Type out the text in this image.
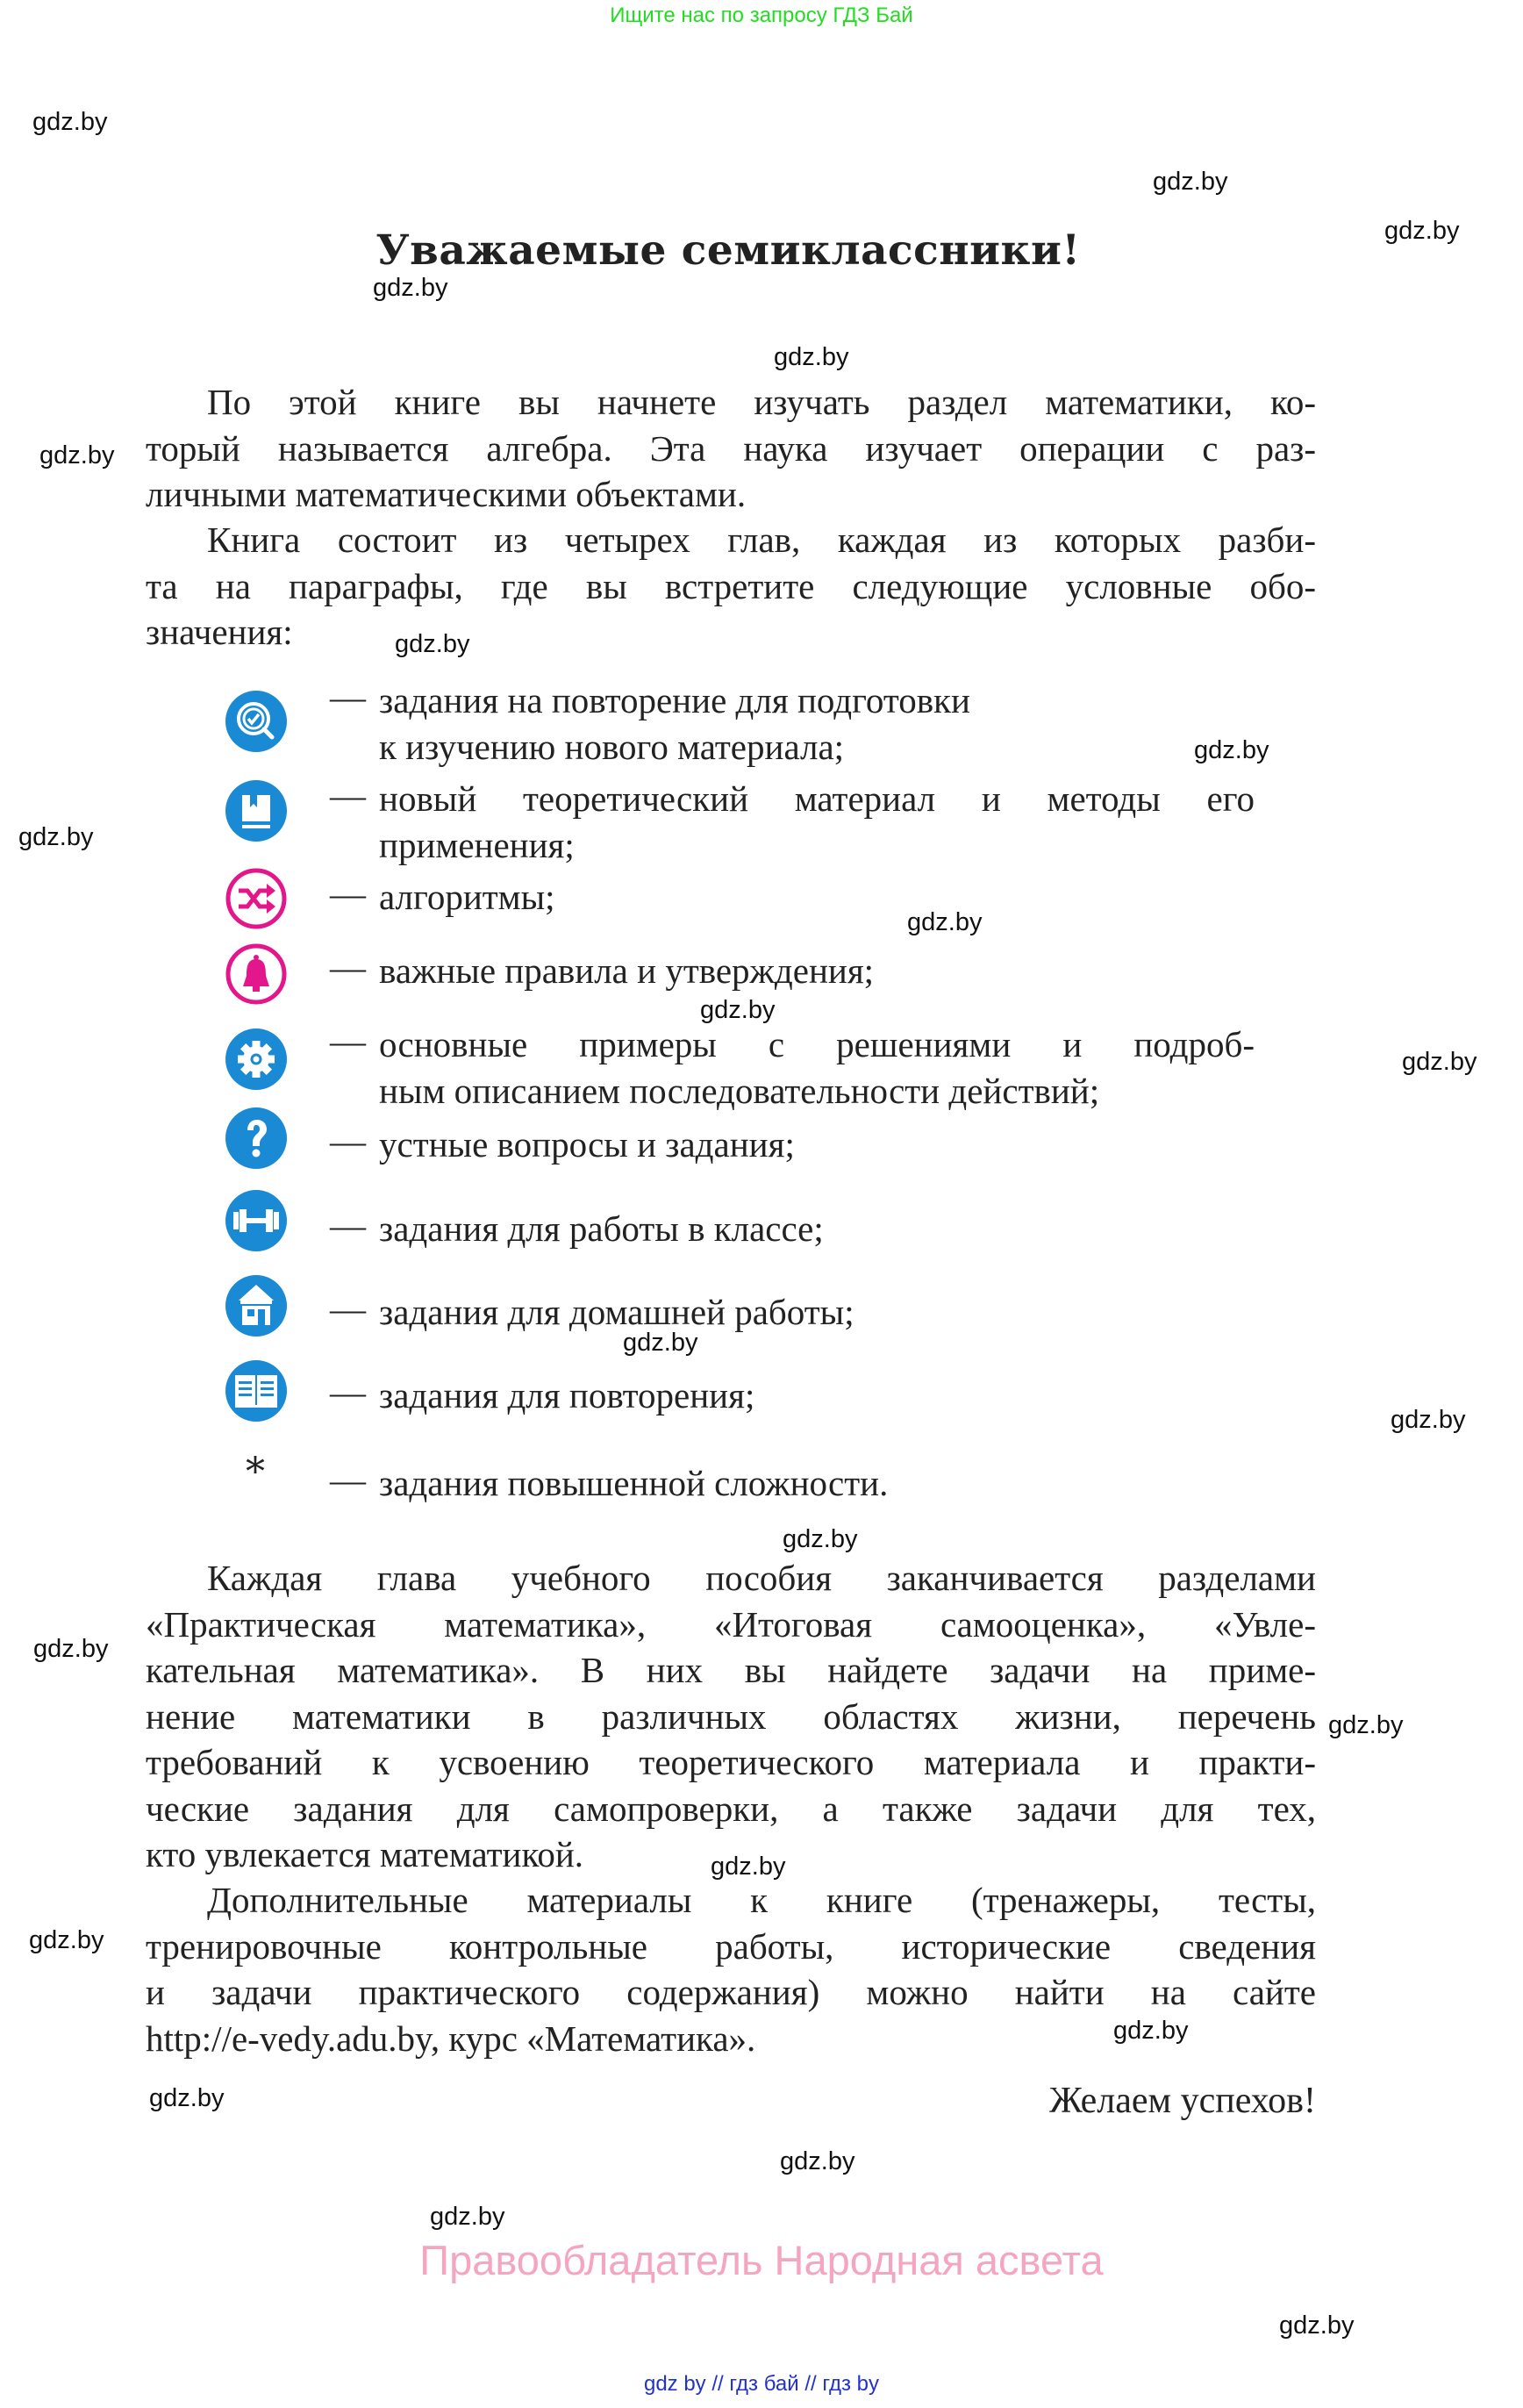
Ищите нас по запросу ГДЗ Бай
Уважаемые семиклассники!
По этой книге вы начнете изучать раздел математики, ко-
торый называется алгебра. Эта наука изучает операции с раз-
личными математическими объектами.
Книга состоит из четырех глав, каждая из которых разби-
та на параграфы, где вы встретите следующие условные обо-
значения:
— задания на повторение для подготовки
к изучению нового материала;
— новый теоретический материал и методы его
применения;
— алгоритмы;
— важные правила и утверждения;
— основные примеры с решениями и подроб-
ным описанием последовательности действий;
— устные вопросы и задания;
— задания для работы в классе;
— задания для домашней работы;
— задания для повторения;
* — задания повышенной сложности.
Каждая глава учебного пособия заканчивается разделами
«Практическая математика», «Итоговая самооценка», «Увле-
кательная математика». В них вы найдете задачи на приме-
нение математики в различных областях жизни, перечень
требований к усвоению теоретического материала и практи-
ческие задания для самопроверки, а также задачи для тех,
кто увлекается математикой.
Дополнительные материалы к книге (тренажеры, тесты,
тренировочные контрольные работы, исторические сведения
и задачи практического содержания) можно найти на сайте
http://e-vedy.adu.by, курс «Математика».
Желаем успехов!
Правообладатель Народная асвета
gdz by // гдз бай // гдз by
gdz.by
gdz.by
gdz.by
gdz.by
gdz.by
gdz.by
gdz.by
gdz.by
gdz.by
gdz.by
gdz.by
gdz.by
gdz.by
gdz.by
gdz.by
gdz.by
gdz.by
gdz.by
gdz.by
gdz.by
gdz.by
gdz.by
gdz.by
gdz.by
